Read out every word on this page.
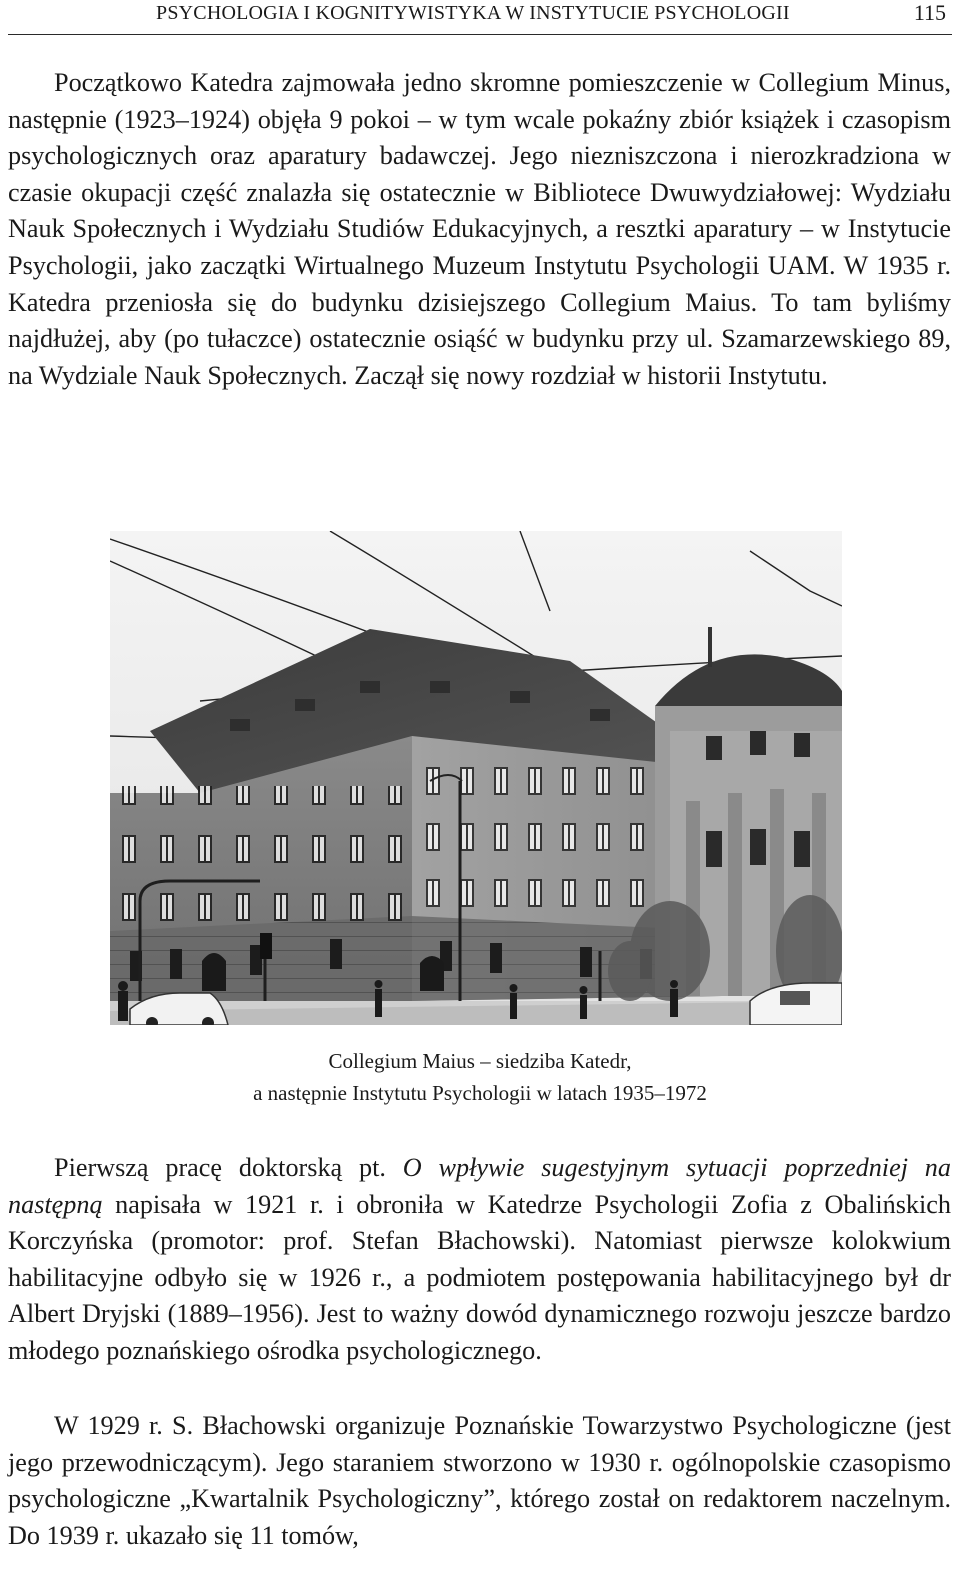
PSYCHOLOGIA I KOGNITYWISTYKA W INSTYTUCIE PSYCHOLOGII	115

Początkowo Katedra zajmowała jedno skromne pomieszczenie w Collegium Minus, następnie (1923–1924) objęła 9 pokoi – w tym wcale pokaźny zbiór książek i czasopism psychologicznych oraz aparatury badawczej. Jego niezniszczona i nierozkradziona w czasie okupacji część znalazła się ostatecznie w Bibliotece Dwuwydziałowej: Wydziału Nauk Społecznych i Wydziału Studiów Edukacyjnych, a resztki aparatury – w Instytucie Psychologii, jako zaczątki Wirtualnego Muzeum Instytutu Psychologii UAM. W 1935 r. Katedra przeniosła się do budynku dzisiejszego Collegium Maius. To tam byliśmy najdłużej, aby (po tułaczce) ostatecznie osiąść w budynku przy ul. Szamarzewskiego 89, na Wydziale Nauk Społecznych. Zaczął się nowy rozdział w historii Instytutu.

Collegium Maius – siedziba Katedr,

a następnie Instytutu Psychologii w latach 1935–1972

Pierwszą pracę doktorską pt. O wpływie sugestyjnym sytuacji poprzedniej na następną napisała w 1921 r. i obroniła w Katedrze Psychologii Zofia z Obalińskich Korczyńska (promotor: prof. Stefan Błachowski). Natomiast pierwsze kolokwium habilitacyjne odbyło się w 1926 r., a podmiotem postępowania habilitacyjnego był dr Albert Dryjski (1889–1956). Jest to ważny dowód dynamicznego rozwoju jeszcze bardzo młodego poznańskiego ośrodka psychologicznego.

W 1929 r. S. Błachowski organizuje Poznańskie Towarzystwo Psychologiczne (jest jego przewodniczącym). Jego staraniem stworzono w 1930 r. ogólnopolskie czasopismo psychologiczne „Kwartalnik Psychologiczny”, którego został on redaktorem naczelnym. Do 1939 r. ukazało się 11 tomów,
